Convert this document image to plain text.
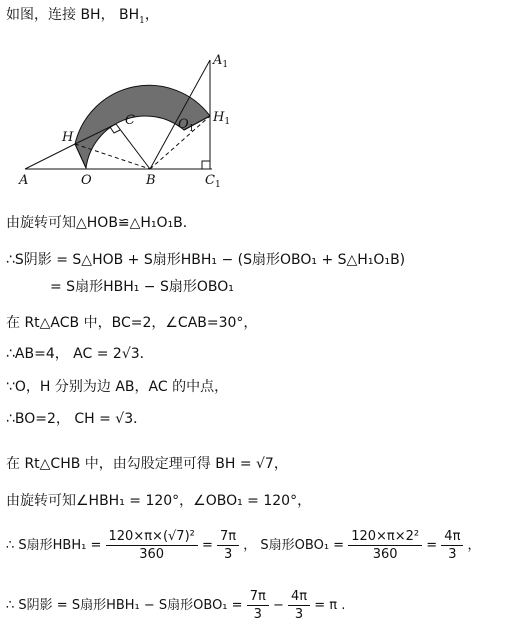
如图，连接 BH， $BH_1$，
A	O	B	$C_1$
H
C	$O_1$
$A_1$
$H_1$
由旋转可知△HOB≌△H₁O₁B．
∴S阴影 = S△HOB + S扇形HBH₁ − (S扇形OBO₁ + S△H₁O₁B)
= S扇形HBH₁ − S扇形OBO₁
在 Rt△ACB 中，BC=2，∠CAB=30°，
∴AB=4， AC = 2√3．
∵O，H 分别为边 AB，AC 的中点，
∴BO=2， CH = √3．
在 Rt△CHB 中，由勾股定理可得 BH = √7，
由旋转可知∠HBH₁ = 120°，∠OBO₁ = 120°，
∴ S扇形$HBH_1 = \frac{\text{120×π×(√7)²}}{360} = \frac{7\pi}{3}$ ， S扇形$OBO_1 = \frac{\text{120×π×2²}}{360} = \frac{4\pi}{3}$ ，
∴ S阴影 = S扇形HBH₁ − S扇形$OBO_1 = \frac{7\pi}{3} - \frac{4\pi}{3} = \pi$ .
